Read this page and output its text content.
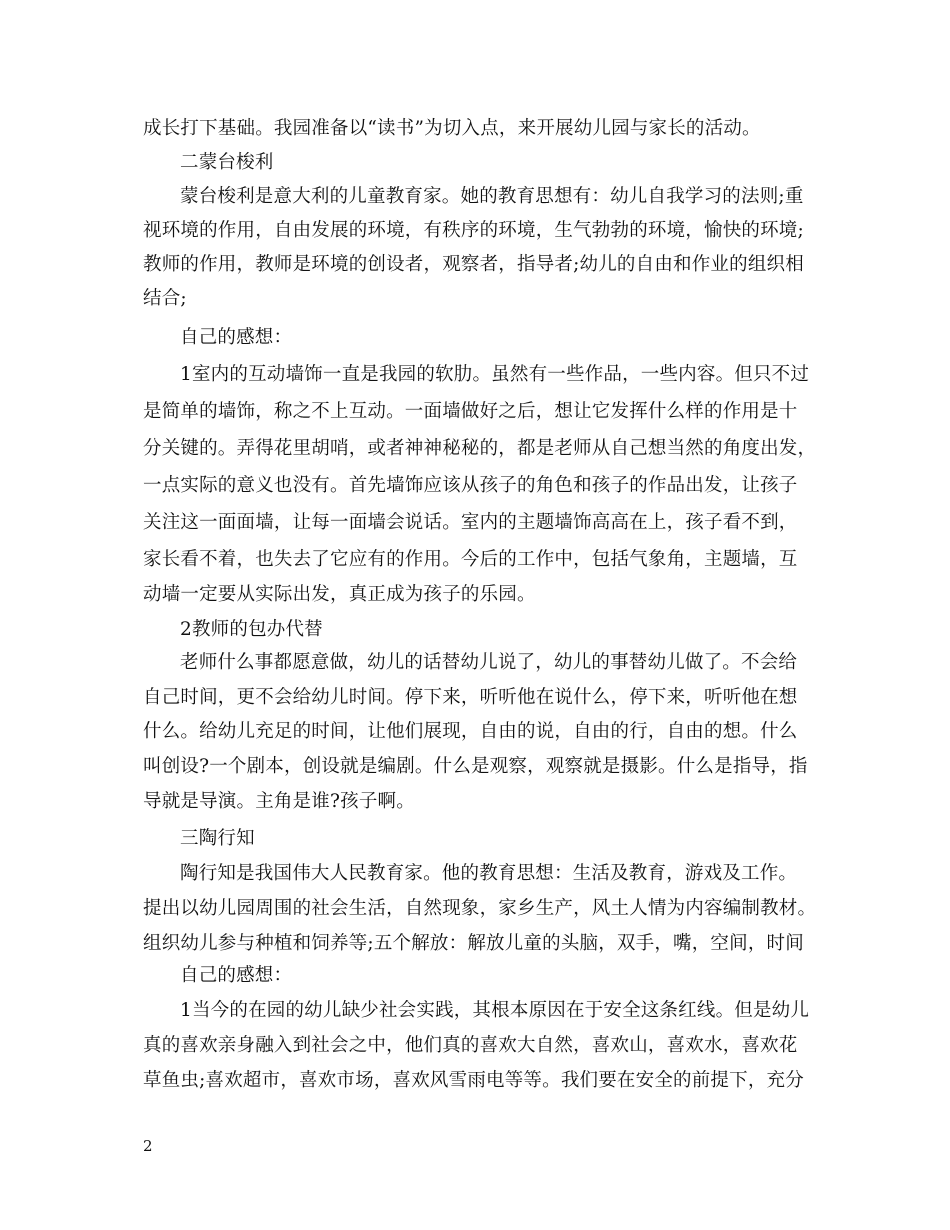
成长打下基础。我园准备以“读书”为切入点，来开展幼儿园与家长的活动。
二蒙台梭利
蒙台梭利是意大利的儿童教育家。她的教育思想有：幼儿自我学习的法则;重
视环境的作用，自由发展的环境，有秩序的环境，生气勃勃的环境，愉快的环境;
教师的作用，教师是环境的创设者，观察者，指导者;幼儿的自由和作业的组织相
结合;
自己的感想：
1室内的互动墙饰一直是我园的软肋。虽然有一些作品，一些内容。但只不过
是简单的墙饰，称之不上互动。一面墙做好之后，想让它发挥什么样的作用是十
分关键的。弄得花里胡哨，或者神神秘秘的，都是老师从自己想当然的角度出发，
一点实际的意义也没有。首先墙饰应该从孩子的角色和孩子的作品出发，让孩子
关注这一面面墙，让每一面墙会说话。室内的主题墙饰高高在上，孩子看不到，
家长看不着，也失去了它应有的作用。今后的工作中，包括气象角，主题墙，互
动墙一定要从实际出发，真正成为孩子的乐园。
2教师的包办代替
老师什么事都愿意做，幼儿的话替幼儿说了，幼儿的事替幼儿做了。不会给
自己时间，更不会给幼儿时间。停下来，听听他在说什么，停下来，听听他在想
什么。给幼儿充足的时间，让他们展现，自由的说，自由的行，自由的想。什么
叫创设?一个剧本，创设就是编剧。什么是观察，观察就是摄影。什么是指导，指
导就是导演。主角是谁?孩子啊。
三陶行知
陶行知是我国伟大人民教育家。他的教育思想：生活及教育，游戏及工作。
提出以幼儿园周围的社会生活，自然现象，家乡生产，风土人情为内容编制教材。
组织幼儿参与种植和饲养等;五个解放：解放儿童的头脑，双手，嘴，空间，时间
自己的感想：
1当今的在园的幼儿缺少社会实践，其根本原因在于安全这条红线。但是幼儿
真的喜欢亲身融入到社会之中，他们真的喜欢大自然，喜欢山，喜欢水，喜欢花
草鱼虫;喜欢超市，喜欢市场，喜欢风雪雨电等等。我们要在安全的前提下，充分
2
